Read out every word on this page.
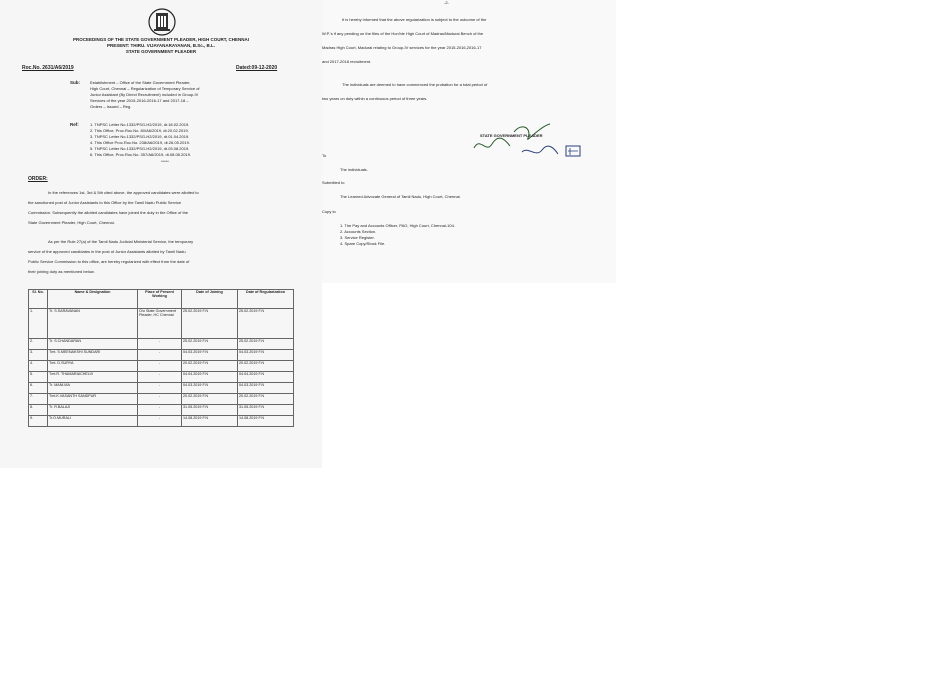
PROCEEDINGS OF THE STATE GOVERNMENT PLEADER, HIGH COURT, CHENNAI
PRESENT: THIRU. VIJAYANARAYANAN, B.Sc., B.L.
STATE GOVERNMENT PLEADER
Roc.No. 2631/A6/2019	Dated:09-12-2020
Sub:	Establishment – Office of the State Government Pleader,
High Court, Chennai – Regularization of Temporary Service of
Junior Assistant (By Direct Recruitment) included in Group-IV
Services of the year 2015-2016-2016-17 and 2017-18 –
Orders – Issued – Reg.
Ref:	1. TNPSC Letter No.1332/PSG-H2/2019, dt.18.02.2019.
2. This Office, Proc.Roc.No. 80/A6/2019, dt.20.02.2019.
3. TNPSC Letter No.1332/PSG-H2/2019, dt.01.04.2019.
4. This Office Proc.Roc.No. 238/A6/2019, dt.26.05.2019.
5. TNPSC Letter No.1332/PSG-H2/2019, dt.03.08.2019.
6. This Office, Proc.Roc.No. 357/A6/2019, dt.08.08.2019.
*****
ORDER:
In the references 1st, 3rd & 5th cited above, the approved candidates were allotted to
the sanctioned post of Junior Assistants to this Office by the Tamil Nadu Public Service
Commission. Subsequently the allotted candidates have joined the duty in the Office of the
State Government Pleader, High Court, Chennai.
As per the Rule 27(a) of the Tamil Nadu Judicial Ministerial Service, the temporary
service of the approved candidates in the post of Junior Assistants allotted by Tamil Nadu
Public Service Commission to this office, are hereby regularized with effect from the date of
their joining duty as mentioned below.
Sl. No.	Name & Designation	Place of Present Working	Date of Joining	Date of Regularization
1.	Tr. S.SARAVANAN	O/o State Government Pleader, HC Chennai	25.02.2019 F.N	25.02.2019 F.N
2.	Tr. S.CHANDARAN	-	25.02.2019 F.N	25.02.2019 F.N
3.	Tmt. S.MEENAKSHI SUNDARI	-	04.03.2019 F.N	04.03.2019 F.N
4.	Tmt. D.SURYA	-	20.02.2019 F.N	20.02.2019 F.N
5.	Tmt.R. THAMARAICHELVI	-	04.04.2019 F.N	04.04.2019 F.N
6.	Tr. MANI.MA	-	04.03.2019 F.N	04.03.2019 F.N
7.	Tmt.K.VASANTH SANDPUR	-	20.02.2019 F.N	20.02.2019 F.N
8.	Tr. R.BALAJI	-	31.05.2019 F.N	31.05.2019 F.N
9.	Tr.O.MURALI	-	14.08.2019 F.N	14.08.2019 F.N
-2-
It is hereby informed that the above regularization is subject to the outcome of the
W.P.'s if any pending on the files of the Hon'ble High Court of Madras/Madurai Bench of the
Madras High Court, Madurai relating to Group-IV services for the year 2015-2016,2016-17
and 2017-2018 recruitment.
The individuals are deemed to have commenced the probation for a total period of
two years on duty within a continuous period of three years.
STATE GOVERNMENT PLEADER
To
The individuals.
Submitted to
The Learned Advocate General of Tamil Nadu, High Court, Chennai.
Copy to
1. The Pay and Accounts Officer, PAO, High Court, Chennai-104.
2. Accounts Section.
3. Service Register.
4. Spare Copy/Stock File.
